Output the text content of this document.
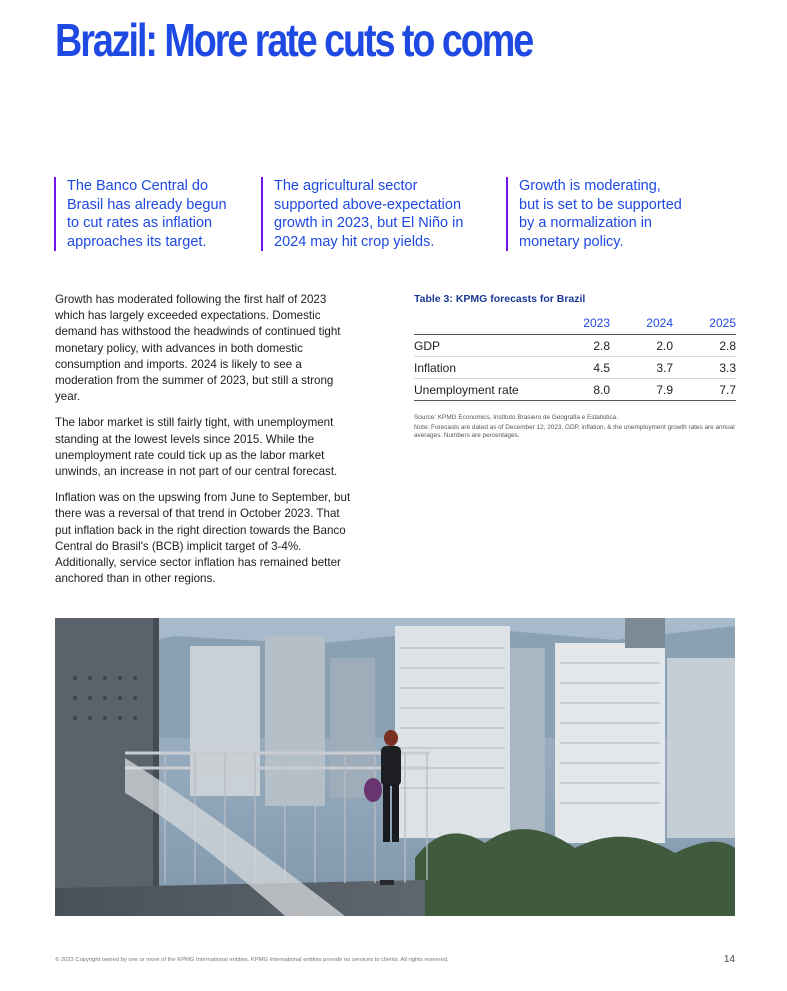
Brazil: More rate cuts to come
The Banco Central do
Brasil has already begun
to cut rates as inflation
approaches its target.
The agricultural sector
supported above-expectation
growth in 2023, but El Niño in
2024 may hit crop yields.
Growth is moderating,
but is set to be supported
by a normalization in
monetary policy.

Growth has moderated following the first half of 2023 which has largely exceeded expectations. Domestic demand has withstood the headwinds of continued tight monetary policy, with advances in both domestic consumption and imports. 2024 is likely to see a moderation from the summer of 2023, but still a strong year.

The labor market is still fairly tight, with unemployment standing at the lowest levels since 2015. While the unemployment rate could tick up as the labor market unwinds, an increase in not part of our central forecast.

Inflation was on the upswing from June to September, but there was a reversal of that trend in October 2023. That put inflation back in the right direction towards the Banco Central do Brasil's (BCB) implicit target of 3-4%. Additionally, service sector inflation has remained better anchored than in other regions.

Table 3: KPMG forecasts for Brazil
	2023	2024	2025
GDP	2.8	2.0	2.8
Inflation	4.5	3.7	3.3
Unemployment rate	8.0	7.9	7.7
Source: KPMG Economics, Instituto Brasiero de Geografia e Estatistica.
Note: Forecasts are dated as of December 12, 2023. GDP, inflation, & the unemployment growth rates are annual averages. Numbers are percentages.
© 2023 Copyright owned by one or more of the KPMG International entities. KPMG International entities provide no services to clients. All rights reserved.	14
